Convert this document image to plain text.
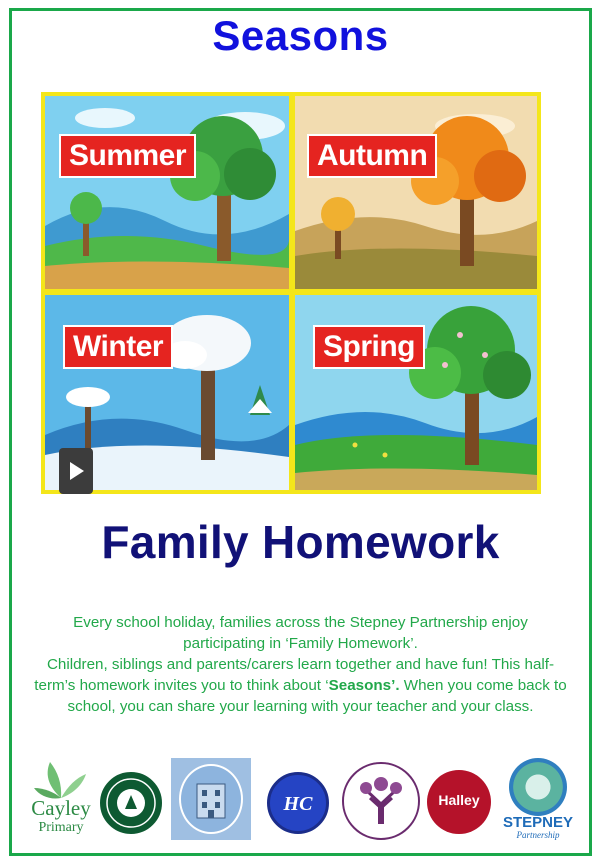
Seasons
Summer	Autumn
Winter	Spring
Family Homework
Every school holiday, families across the Stepney Partnership enjoy participating in ‘Family Homework’.
Children, siblings and parents/carers learn together and have fun! This half-term’s homework invites you to think about ‘Seasons’. When you come back to school, you can share your learning with your teacher and your class.
Cayley
Primary
HC	Halley
STEPNEY
Partnership
